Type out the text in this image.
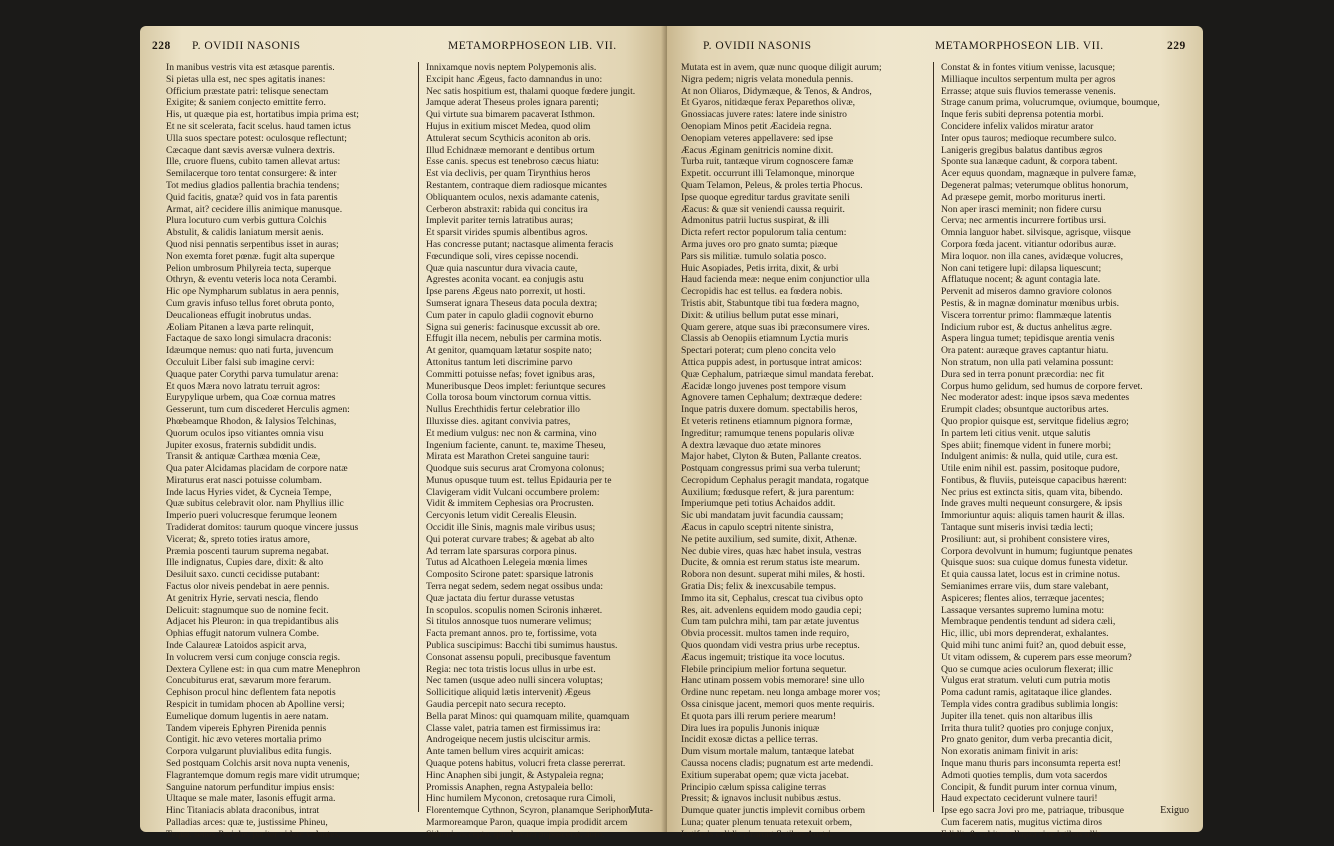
228 P. OVIDII NASONIS	METAMORPHOSEON LIB. VII.
In manibus vestris vita est ætasque parentis.
Si pietas ulla est, nec spes agitatis inanes:
Officium præstate patri: telisque senectam
Exigite; & saniem conjecto emittite ferro.
His, ut quæque pia est, hortatibus impia prima est;
Et ne sit scelerata, facit scelus. haud tamen ictus
Ulla suos spectare potest: oculosque reflectunt;
Cæcaque dant sævis aversæ vulnera dextris.
Ille, cruore fluens, cubito tamen allevat artus:
Semilacerque toro tentat consurgere: & inter
Tot medius gladios pallentia brachia tendens;
Quid facitis, gnatæ? quid vos in fata parentis
Armat, ait? cecidere illis animique manusque.
Plura locuturo cum verbis guttura Colchis
Abstulit, & calidis laniatum mersit aenis.
Quod nisi pennatis serpentibus isset in auras;
Non exemta foret pœnæ. fugit alta superque
Pelion umbrosum Philyreia tecta, superque
Othryn, & eventu veteris loca nota Cerambi.
Hic ope Nympharum sublatus in aera pennis,
Cum gravis infuso tellus foret obruta ponto,
Deucalioneas effugit inobrutus undas.
Æoliam Pitanen a læva parte relinquit,
Factaque de saxo longi simulacra draconis:
Idæumque nemus: quo nati furta, juvencum
Occuluit Liber falsi sub imagine cervi:
Quaque pater Corythi parva tumulatur arena:
Et quos Mæra novo latratu terruit agros:
Eurypylique urbem, qua Coæ cornua matres
Gesserunt, tum cum discederet Herculis agmen:
Phœbeamque Rhodon, & Ialysios Telchinas,
Quorum oculos ipso vitiantes omnia visu
Jupiter exosus, fraternis subdidit undis.
Transit & antiquæ Carthæa mœnia Ceæ,
Qua pater Alcidamas placidam de corpore natæ
Miraturus erat nasci potuisse columbam.
Inde lacus Hyries videt, & Cycneia Tempe,
Quæ subitus celebravit olor. nam Phyllius illic
Imperio pueri volucresque ferumque leonem
Tradiderat domitos: taurum quoque vincere jussus
Vicerat; &, spreto toties iratus amore,
Præmia poscenti taurum suprema negabat.
Ille indignatus, Cupies dare, dixit: & alto
Desiluit saxo. cuncti cecidisse putabant:
Factus olor niveis pendebat in aere pennis.
At genitrix Hyrie, servati nescia, flendo
Delicuit: stagnumque suo de nomine fecit.
Adjacet his Pleuron: in qua trepidantibus alis
Ophias effugit natorum vulnera Combe.
Inde Calaureæ Latoidos aspicit arva,
In volucrem versi cum conjuge conscia regis.
Dextera Cyllene est: in qua cum matre Menephron
Concubiturus erat, sævarum more ferarum.
Cephison procul hinc deflentem fata nepotis
Respicit in tumidam phocen ab Apolline versi;
Eumelique domum lugentis in aere natam.
Tandem vipereis Ephyren Pirenida pennis
Contigit. hic ævo veteres mortalia primo
Corpora vulgarunt pluvialibus edita fungis.
Sed postquam Colchis arsit nova nupta venenis,
Flagrantemque domum regis mare vidit utrumque;
Sanguine natorum perfunditur impius ensis:
Ultaque se male mater, Iasonis effugit arma.
Hinc Titaniacis ablata draconibus, intrat
Palladias arces: quæ te, justissime Phineu,
Teque, senex Periphe, pariter videre volantes,
Innixamque novis neptem Polypemonis alis.
Excipit hanc Ægeus, facto damnandus in uno:
Nec satis hospitium est, thalami quoque fœdere jungit.
Jamque aderat Theseus proles ignara parenti;
Qui virtute sua bimarem pacaverat Isthmon.
Hujus in exitium miscet Medea, quod olim
Attulerat secum Scythicis aconiton ab oris.
Illud Echidnææ memorant e dentibus ortum
Esse canis. specus est tenebroso cæcus hiatu:
Est via declivis, per quam Tirynthius heros
Restantem, contraque diem radiosque micantes
Obliquantem oculos, nexis adamante catenis,
Cerberon abstraxit: rabida qui concitus ira
Implevit pariter ternis latratibus auras;
Et sparsit virides spumis albentibus agros.
Has concresse putant; nactasque alimenta feracis
Fœcundique soli, vires cepisse nocendi.
Quæ quia nascuntur dura vivacia caute,
Agrestes aconita vocant. ea conjugis astu
Ipse parens Ægeus nato porrexit, ut hosti.
Sumserat ignara Theseus data pocula dextra;
Cum pater in capulo gladii cognovit eburno
Signa sui generis: facinusque excussit ab ore.
Effugit illa necem, nebulis per carmina motis.
At genitor, quamquam lætatur sospite nato;
Attonitus tantum leti discrimine parvo
Committi potuisse nefas; fovet ignibus aras,
Muneribusque Deos implet: feriuntque secures
Colla torosa boum vinctorum cornua vittis.
Nullus Erechthidis fertur celebratior illo
Illuxisse dies. agitant convivia patres,
Et medium vulgus: nec non & carmina, vino
Ingenium faciente, canunt. te, maxime Theseu,
Mirata est Marathon Cretei sanguine tauri:
Quodque suis securus arat Cromyona colonus;
Munus opusque tuum est. tellus Epidauria per te
Clavigeram vidit Vulcani occumbere prolem:
Vidit & immitem Cephesias ora Procrusten.
Cercyonis letum vidit Cerealis Eleusin.
Occidit ille Sinis, magnis male viribus usus;
Qui poterat curvare trabes; & agebat ab alto
Ad terram late sparsuras corpora pinus.
Tutus ad Alcathoen Lelegeia mœnia limes
Composito Scirone patet: sparsique latronis
Terra negat sedem, sedem negat ossibus unda:
Quæ jactata diu fertur durasse vetustas
In scopulos. scopulis nomen Scironis inhæret.
Si titulos annosque tuos numerare velimus;
Facta premant annos. pro te, fortissime, vota
Publica suscipimus: Bacchi tibi sumimus haustus.
Consonat assensu populi, precibusque faventum
Regia: nec tota tristis locus ullus in urbe est.
Nec tamen (usque adeo nulli sincera voluptas;
Sollicitique aliquid lætis intervenit) Ægeus
Gaudia percepit nato secura recepto.
Bella parat Minos: qui quamquam milite, quamquam
Classe valet, patria tamen est firmissimus ira:
Androgeique necem justis ulciscitur armis.
Ante tamen bellum vires acquirit amicas:
Quaque potens habitus, volucri freta classe pererrat.
Hinc Anaphen sibi jungit, & Astypaleia regna;
Promissis Anaphen, regna Astypaleia bello:
Hinc humilem Myconon, cretosaque rura Cimoli,
Florentemque Cythnon, Scyron, planamque Seriphon,
Marmoreamque Paron, quaque impia prodidit arcem
Sithonis accepto, quod avara poposcerat, auro.
Muta-
P. OVIDII NASONIS	METAMORPHOSEON LIB. VII.	229
Mutata est in avem, quæ nunc quoque diligit aurum;
Nigra pedem; nigris velata monedula pennis.
At non Oliaros, Didymæque, & Tenos, & Andros,
Et Gyaros, nitidæque ferax Peparethos olivæ,
Gnossiacas juvere rates: latere inde sinistro
Oenopiam Minos petit Æacideia regna.
Oenopiam veteres appellavere: sed ipse
Æacus Æginam genitricis nomine dixit.
Turba ruit, tantæque virum cognoscere famæ
Expetit. occurrunt illi Telamonque, minorque
Quam Telamon, Peleus, & proles tertia Phocus.
Ipse quoque egreditur tardus gravitate senili
Æacus: & quæ sit veniendi caussa requirit.
Admonitus patrii luctus suspirat, & illi
Dicta refert rector populorum talia centum:
Arma juves oro pro gnato sumta; piæque
Pars sis militiæ. tumulo solatia posco.
Huic Asopiades, Petis irrita, dixit, & urbi
Haud facienda meæ: neque enim conjunctior ulla
Cecropidis hac est tellus. ea fœdera nobis.
Tristis abit, Stabuntque tibi tua fœdera magno,
Dixit: & utilius bellum putat esse minari,
Quam gerere, atque suas ibi præconsumere vires.
Classis ab Oenopiis etiamnum Lyctia muris
Spectari poterat; cum pleno concita velo
Attica puppis adest, in portusque intrat amicos:
Quæ Cephalum, patriæque simul mandata ferebat.
Æacidæ longo juvenes post tempore visum
Agnovere tamen Cephalum; dextræque dedere:
Inque patris duxere domum. spectabilis heros,
Et veteris retinens etiamnum pignora formæ,
Ingreditur; ramumque tenens popularis olivæ
A dextra lævaque duo ætate minores
Major habet, Clyton & Buten, Pallante creatos.
Postquam congressus primi sua verba tulerunt;
Cecropidum Cephalus peragit mandata, rogatque
Auxilium; fœdusque refert, & jura parentum:
Imperiumque peti totius Achaidos addit.
Sic ubi mandatam juvit facundia caussam;
Æacus in capulo sceptri nitente sinistra,
Ne petite auxilium, sed sumite, dixit, Athenæ.
Nec dubie vires, quas hæc habet insula, vestras
Ducite, & omnia est rerum status iste mearum.
Robora non desunt. superat mihi miles, & hosti.
Gratia Dis; felix & inexcusabile tempus.
Immo ita sit, Cephalus, crescat tua civibus opto
Res, ait. advenlens equidem modo gaudia cepi;
Cum tam pulchra mihi, tam par ætate juventus
Obvia processit. multos tamen inde requiro,
Quos quondam vidi vestra prius urbe receptus.
Æacus ingemuit; tristique ita voce locutus.
Flebile principium melior fortuna sequetur.
Hanc utinam possem vobis memorare! sine ullo
Ordine nunc repetam. neu longa ambage morer vos;
Ossa cinisque jacent, memori quos mente requiris.
Et quota pars illi rerum periere mearum!
Dira lues ira populis Junonis iniquæ
Incidit exosæ dictas a pellice terras.
Dum visum mortale malum, tantæque latebat
Caussa nocens cladis; pugnatum est arte medendi.
Exitium superabat opem; quæ victa jacebat.
Principio cælum spissa caligine terras
Pressit; & ignavos inclusit nubibus æstus.
Dumque quater junctis implevit cornibus orbem
Luna; quater plenum tenuata retexuit orbem,
Letiferis calidi spirarunt flatibus Austri.
Constat & in fontes vitium venisse, lacusque;
Milliaque incultos serpentum multa per agros
Errasse; atque suis fluvios temerasse venenis.
Strage canum prima, volucrumque, oviumque, boumque,
Inque feris subiti deprensa potentia morbi.
Concidere infelix validos miratur arator
Inter opus tauros; medioque recumbere sulco.
Lanigeris gregibus balatus dantibus ægros
Sponte sua lanæque cadunt, & corpora tabent.
Acer equus quondam, magnæque in pulvere famæ,
Degenerat palmas; veterumque oblitus honorum,
Ad præsepe gemit, morbo moriturus inerti.
Non aper irasci meminit; non fidere cursu
Cerva; nec armentis incurrere fortibus ursi.
Omnia languor habet. silvisque, agrisque, viisque
Corpora fœda jacent. vitiantur odoribus auræ.
Mira loquor. non illa canes, avidæque volucres,
Non cani tetigere lupi: dilapsa liquescunt;
Afflatuque nocent; & agunt contagia late.
Pervenit ad miseros damno graviore colonos
Pestis, & in magnæ dominatur mœnibus urbis.
Viscera torrentur primo: flammæque latentis
Indicium rubor est, & ductus anhelitus ægre.
Aspera lingua tumet; tepidisque arentia venis
Ora patent: auræque graves captantur hiatu.
Non stratum, non ulla pati velamina possunt:
Dura sed in terra ponunt præcordia: nec fit
Corpus humo gelidum, sed humus de corpore fervet.
Nec moderator adest: inque ipsos sæva medentes
Erumpit clades; obsuntque auctoribus artes.
Quo propior quisque est, servitque fidelius ægro;
In partem leti citius venit. utque salutis
Spes abiit; finemque vident in funere morbi;
Indulgent animis: & nulla, quid utile, cura est.
Utile enim nihil est. passim, positoque pudore,
Fontibus, & fluviis, puteisque capacibus hærent:
Nec prius est extincta sitis, quam vita, bibendo.
Inde graves multi nequeunt consurgere, & ipsis
Immoriuntur aquis: aliquis tamen haurit & illas.
Tantaque sunt miseris invisi tædia lecti;
Prosiliunt: aut, si prohibent consistere vires,
Corpora devolvunt in humum; fugiuntque penates
Quisque suos: sua cuique domus funesta videtur.
Et quia caussa latet, locus est in crimine notus.
Semianimes errare viis, dum stare valebant,
Aspiceres; flentes alios, terræque jacentes;
Lassaque versantes supremo lumina motu:
Membraque pendentis tendunt ad sidera cæli,
Hic, illic, ubi mors deprenderat, exhalantes.
Quid mihi tunc animi fuit? an, quod debuit esse,
Ut vitam odissem, & cuperem pars esse meorum?
Quo se cumque acies oculorum flexerat; illic
Vulgus erat stratum. veluti cum putria motis
Poma cadunt ramis, agitataque ilice glandes.
Templa vides contra gradibus sublimia longis:
Jupiter illa tenet. quis non altaribus illis
Irrita thura tulit? quoties pro conjuge conjux,
Pro gnato genitor, dum verba precantia dicit,
Non exoratis animam finivit in aris:
Inque manu thuris pars inconsumta reperta est!
Admoti quoties templis, dum vota sacerdos
Concipit, & fundit purum inter cornua vinum,
Haud expectato ceciderunt vulnere tauri!
Ipse ego sacra Jovi pro me, patriaque, tribusque
Cum facerem natis, mugitus victima diros
Edidit: & subito collapsa sine ictibus ullis
Exiguo
